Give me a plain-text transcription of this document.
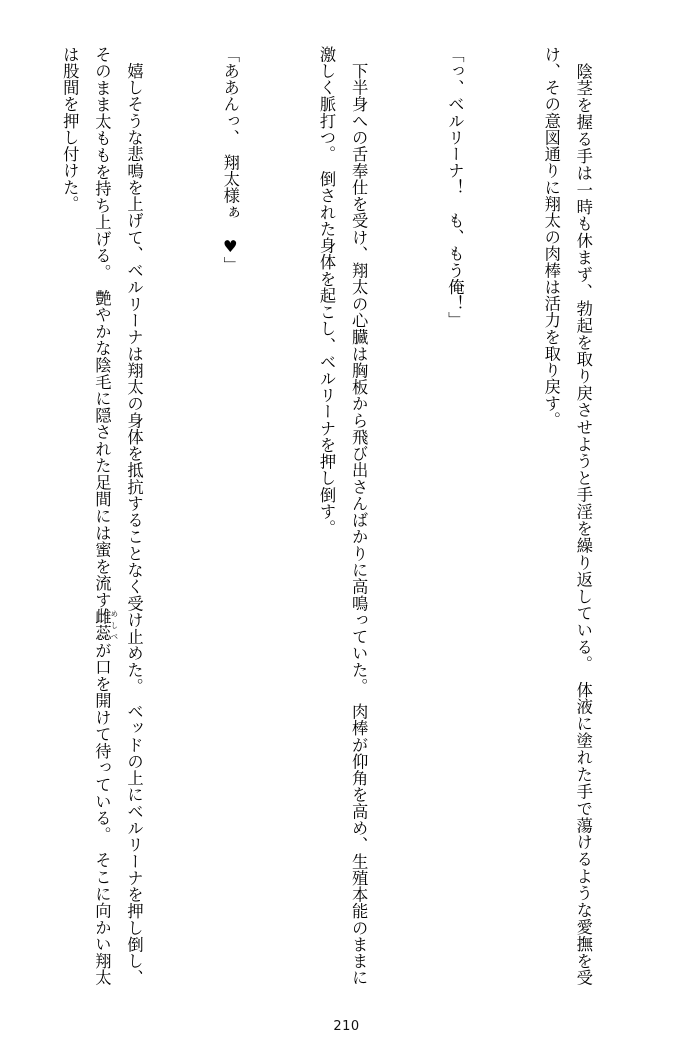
　陰茎を握る手は一時も休まず、勃起を取り戻させようと手淫を繰り返している。　体液に塗れた手で蕩けるような愛撫を受け、その意図通りに翔太の肉棒は活力を取り戻す。

「っ、ベルリーナ！　も、もう俺！」

　下半身への舌奉仕を受け、翔太の心臓は胸板から飛び出さんばかりに高鳴っていた。　肉棒が仰角を高め、生殖本能のままに激しく脈打つ。　倒された身体を起こし、ベルリーナを押し倒す。

「ああんっ、　翔太様ぁ　♥」

　嬉しそうな悲鳴を上げて、ベルリーナは翔太の身体を抵抗することなく受け止めた。　ベッドの上にベルリーナを押し倒し、そのまま太ももを持ち上げる。　艶やかな陰毛に隠された足間には蜜を流す雌蕊 めしべが口を開けて待っている。　そこに向かい翔太は股間を押し付けた。

210
